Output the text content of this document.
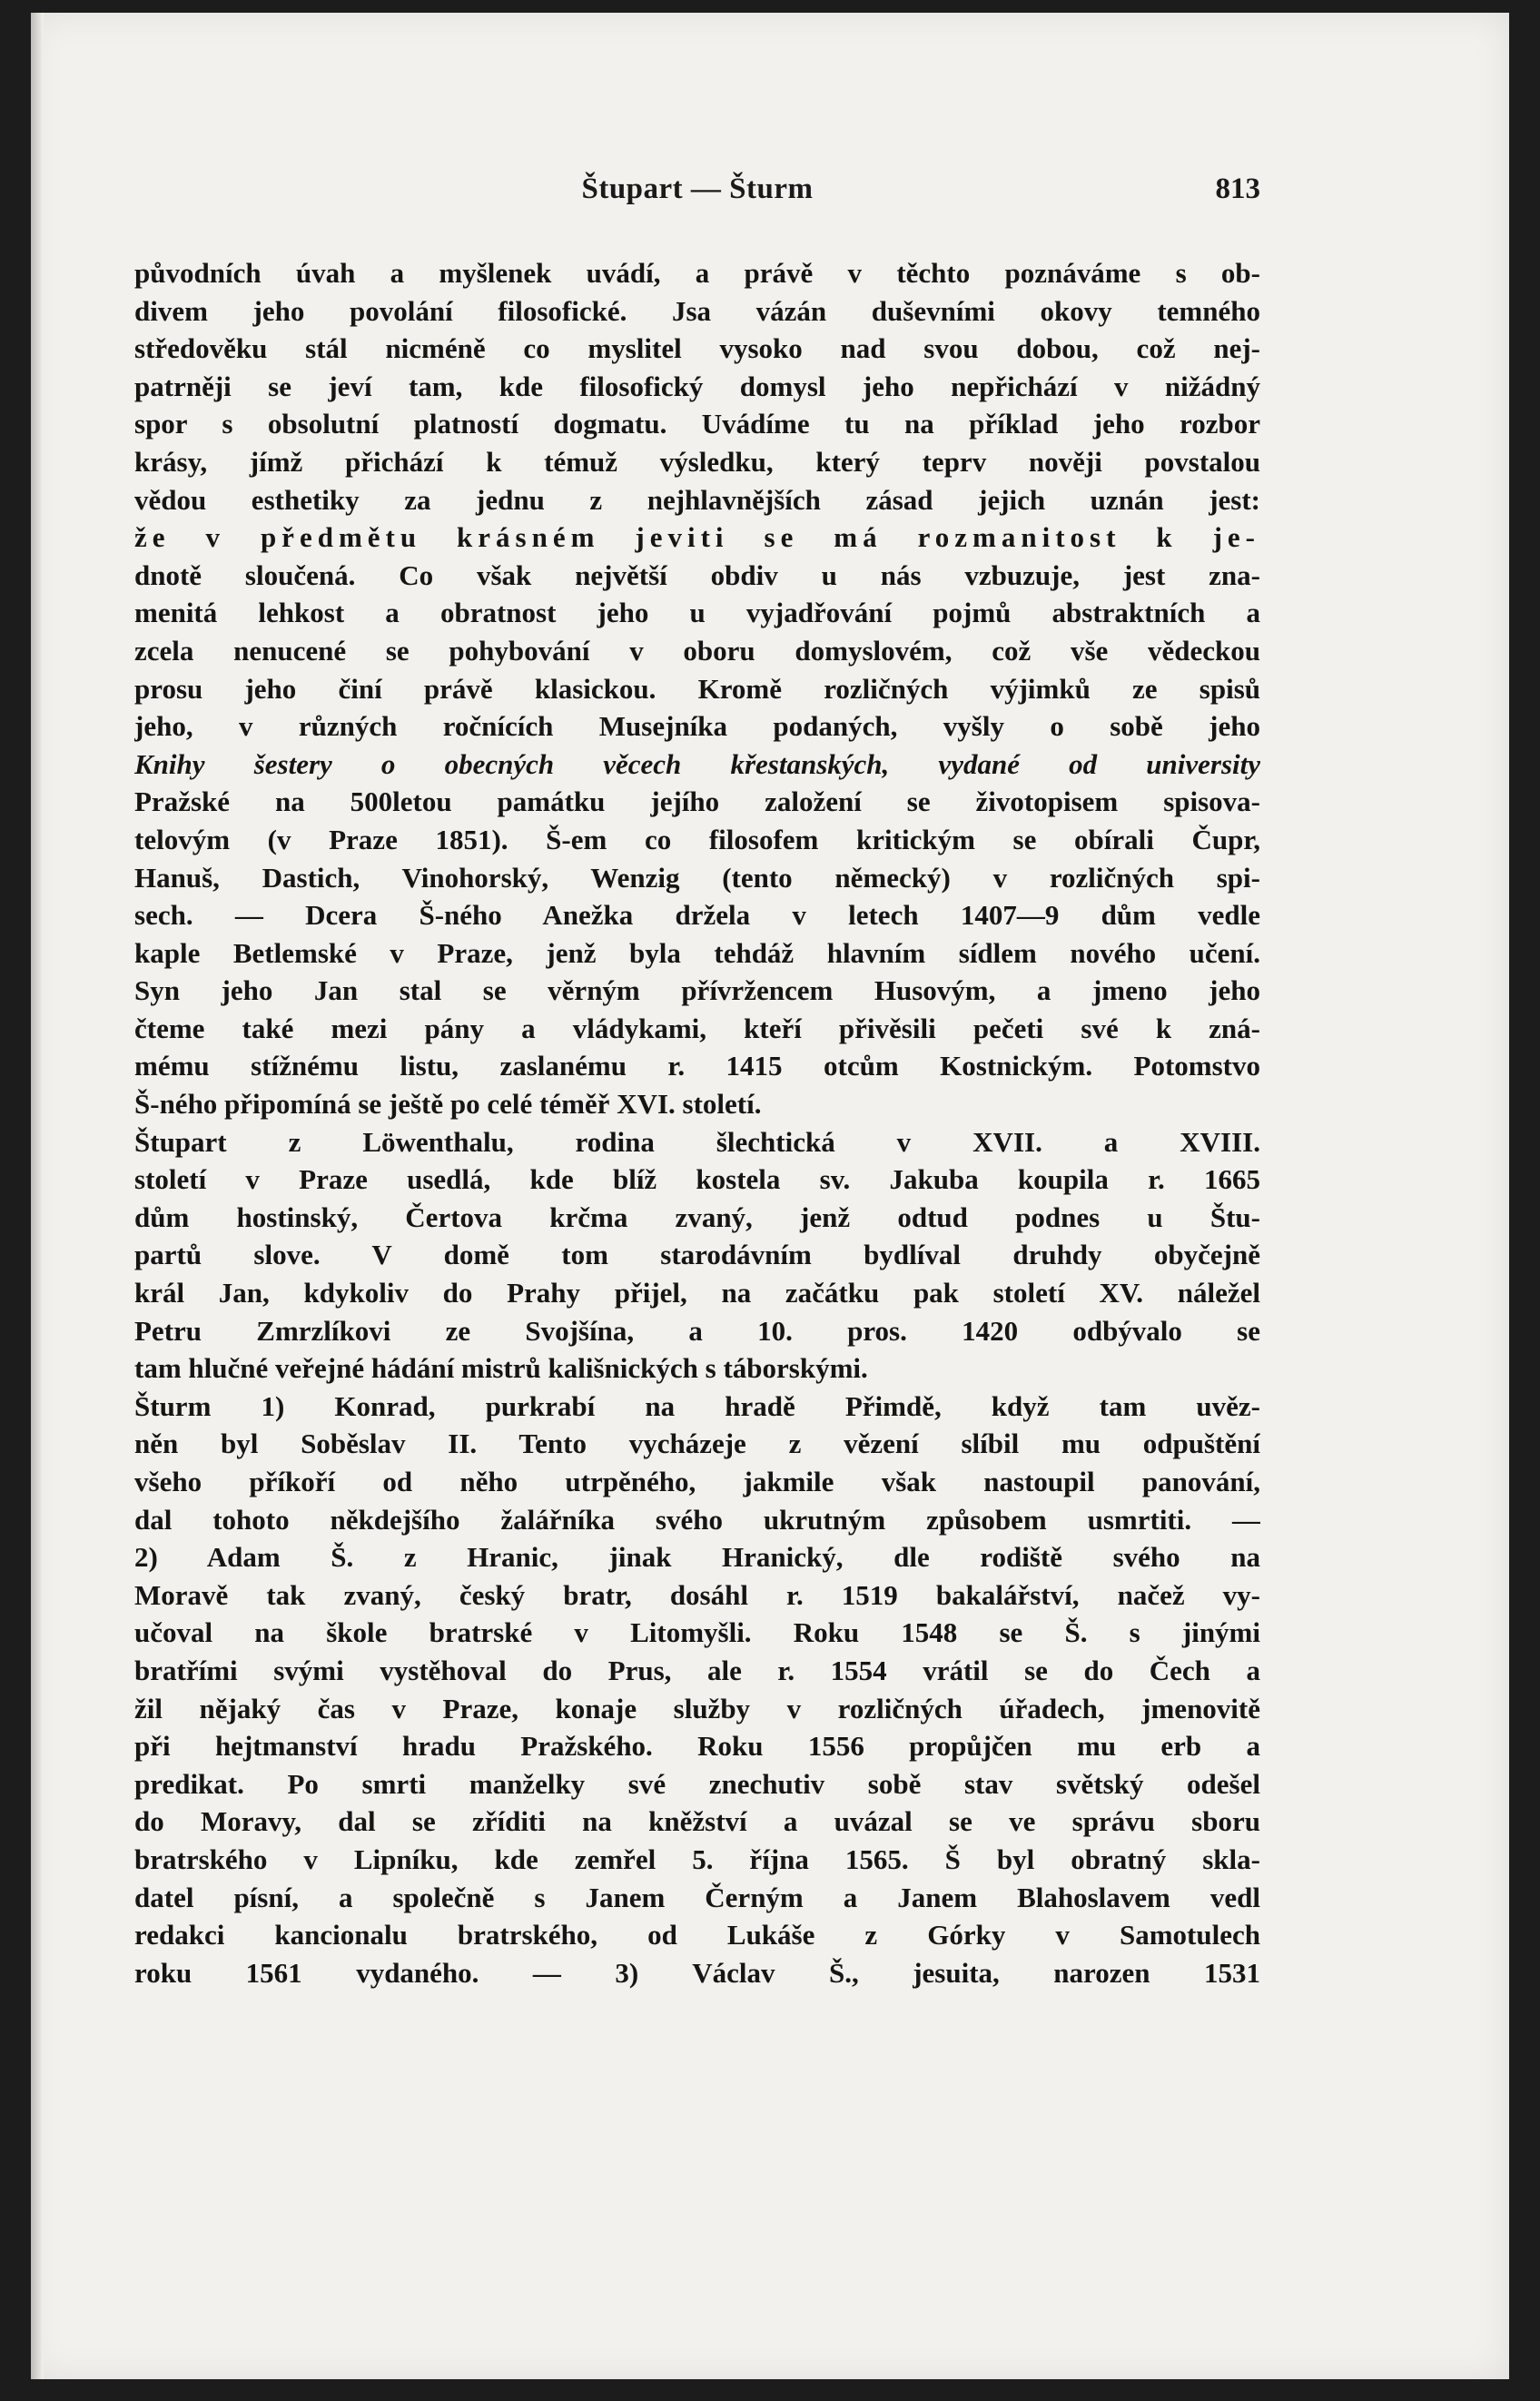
Štupart — Šturm	813
původních úvah a myšlenek uvádí, a právě v těchto poznáváme s ob-
divem jeho povolání filosofické. Jsa vázán duševními okovy temného
středověku stál nicméně co myslitel vysoko nad svou dobou, což nej-
patrněji se jeví tam, kde filosofický domysl jeho nepřichází v nižádný
spor s obsolutní platností dogmatu. Uvádíme tu na příklad jeho rozbor
krásy, jímž přichází k témuž výsledku, který teprv nověji povstalou
vědou esthetiky za jednu z nejhlavnějších zásad jejich uznán jest:
že v předmětu krásném jeviti se má rozmanitost k je-
dnotě sloučená. Co však největší obdiv u nás vzbuzuje, jest zna-
menitá lehkost a obratnost jeho u vyjadřování pojmů abstraktních a
zcela nenucené se pohybování v oboru domyslovém, což vše vědeckou
prosu jeho činí právě klasickou. Kromě rozličných výjimků ze spisů
jeho, v různých ročnících Musejníka podaných, vyšly o sobě jeho
Knihy šestery o obecných věcech křestanských, vydané od university
Pražské na 500letou památku jejího založení se životopisem spisova-
telovým (v Praze 1851). Š-em co filosofem kritickým se obírali Čupr,
Hanuš, Dastich, Vinohorský, Wenzig (tento německý) v rozličných spi-
sech. — Dcera Š-ného Anežka držela v letech 1407—9 dům vedle
kaple Betlemské v Praze, jenž byla tehdáž hlavním sídlem nového učení.
Syn jeho Jan stal se věrným přívržencem Husovým, a jmeno jeho
čteme také mezi pány a vládykami, kteří přivěsili pečeti své k zná-
mému stížnému listu, zaslanému r. 1415 otcům Kostnickým. Potomstvo
Š-ného připomíná se ještě po celé téměř XVI. století.
Štupart z Löwenthalu, rodina šlechtická v XVII. a XVIII.
století v Praze usedlá, kde blíž kostela sv. Jakuba koupila r. 1665
dům hostinský, Čertova krčma zvaný, jenž odtud podnes u Štu-
partů slove. V domě tom starodávním bydlíval druhdy obyčejně
král Jan, kdykoliv do Prahy přijel, na začátku pak století XV. náležel
Petru Zmrzlíkovi ze Svojšína, a 10. pros. 1420 odbývalo se
tam hlučné veřejné hádání mistrů kališnických s táborskými.
Šturm 1) Konrad, purkrabí na hradě Přimdě, když tam uvěz-
něn byl Soběslav II. Tento vycházeje z vězení slíbil mu odpuštění
všeho příkoří od něho utrpěného, jakmile však nastoupil panování,
dal tohoto někdejšího žalářníka svého ukrutným způsobem usmrtiti. —
2) Adam Š. z Hranic, jinak Hranický, dle rodiště svého na
Moravě tak zvaný, český bratr, dosáhl r. 1519 bakalářství, načež vy-
učoval na škole bratrské v Litomyšli. Roku 1548 se Š. s jinými
bratřími svými vystěhoval do Prus, ale r. 1554 vrátil se do Čech a
žil nějaký čas v Praze, konaje služby v rozličných úřadech, jmenovitě
při hejtmanství hradu Pražského. Roku 1556 propůjčen mu erb a
predikat. Po smrti manželky své znechutiv sobě stav světský odešel
do Moravy, dal se zříditi na kněžství a uvázal se ve správu sboru
bratrského v Lipníku, kde zemřel 5. října 1565. Š byl obratný skla-
datel písní, a společně s Janem Černým a Janem Blahoslavem vedl
redakci kancionalu bratrského, od Lukáše z Górky v Samotulech
roku 1561 vydaného. — 3) Václav Š., jesuita, narozen 1531
